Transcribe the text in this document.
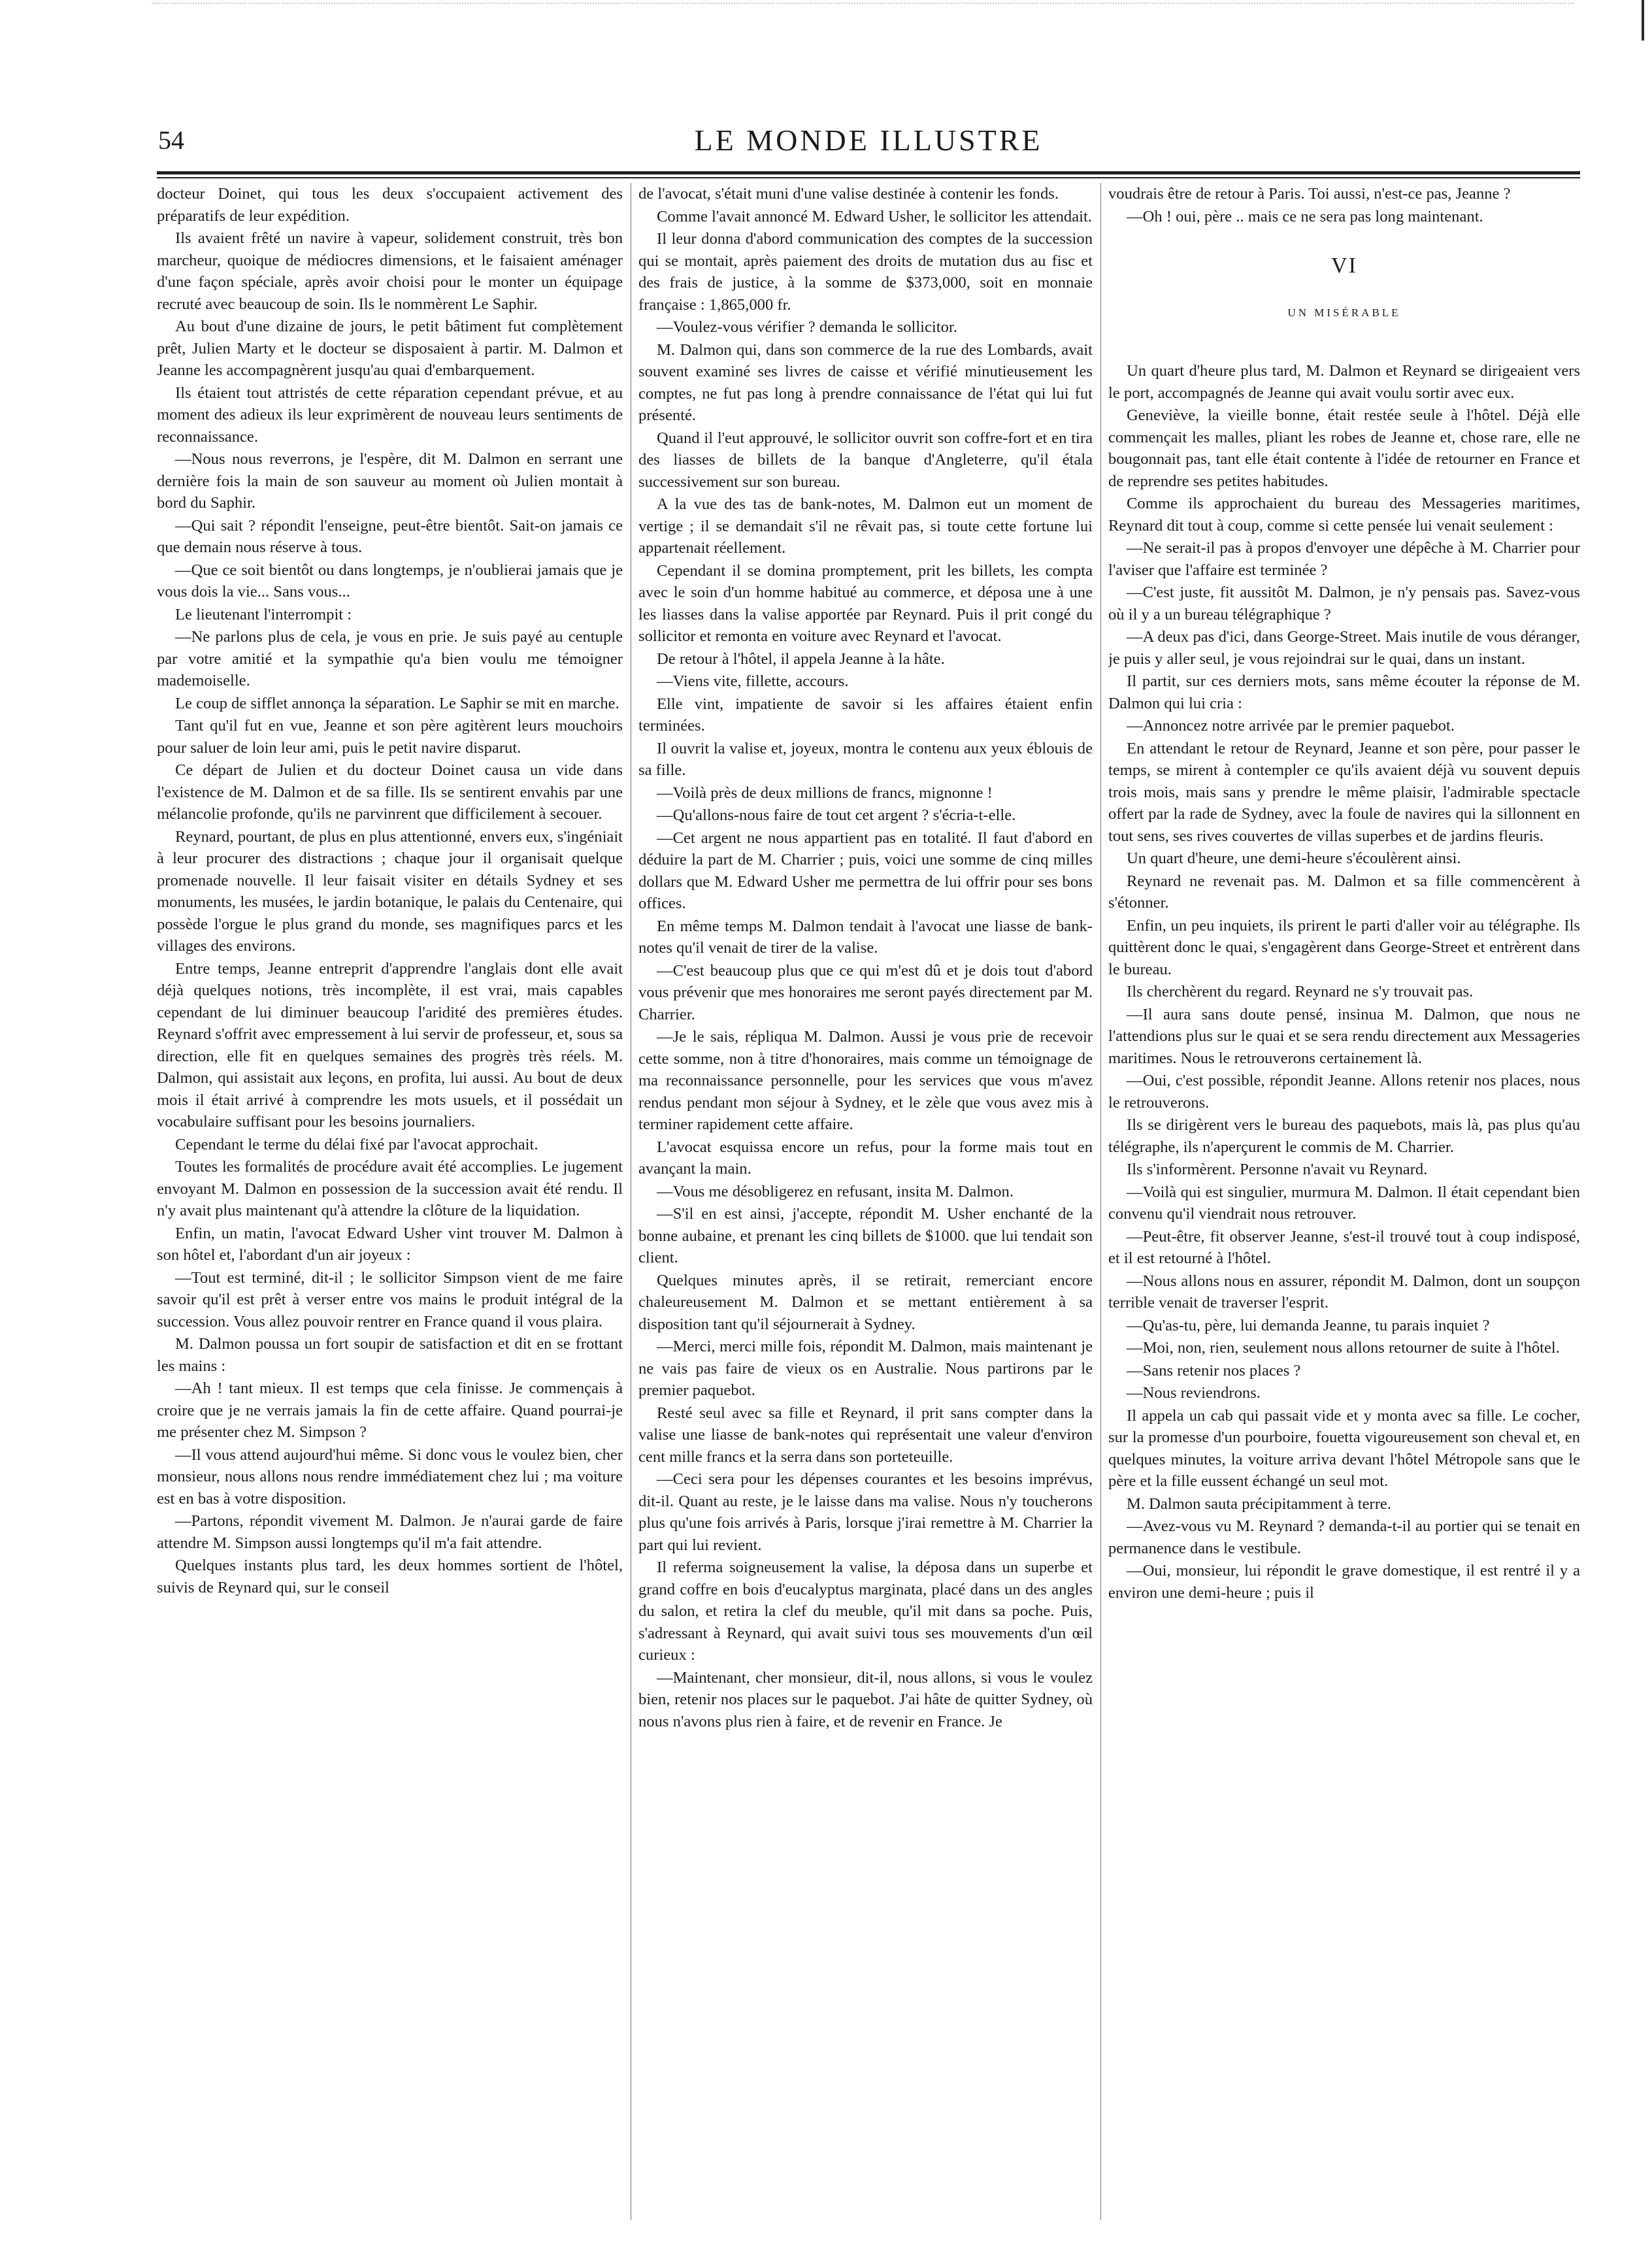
54	LE MONDE ILLUSTRE

docteur Doinet, qui tous les deux s'occupaient activement des préparatifs de leur expédition.

Ils avaient frêté un navire à vapeur, solidement construit, très bon marcheur, quoique de médiocres dimensions, et le faisaient aménager d'une façon spéciale, après avoir choisi pour le monter un équipage recruté avec beaucoup de soin. Ils le nommèrent Le Saphir.

Au bout d'une dizaine de jours, le petit bâtiment fut complètement prêt, Julien Marty et le docteur se disposaient à partir. M. Dalmon et Jeanne les accompagnèrent jusqu'au quai d'embarquement.

Ils étaient tout attristés de cette réparation cependant prévue, et au moment des adieux ils leur exprimèrent de nouveau leurs sentiments de reconnaissance.

—Nous nous reverrons, je l'espère, dit M. Dalmon en serrant une dernière fois la main de son sauveur au moment où Julien montait à bord du Saphir.

—Qui sait ? répondit l'enseigne, peut-être bientôt. Sait-on jamais ce que demain nous réserve à tous.

—Que ce soit bientôt ou dans longtemps, je n'oublierai jamais que je vous dois la vie... Sans vous...

Le lieutenant l'interrompit :

—Ne parlons plus de cela, je vous en prie. Je suis payé au centuple par votre amitié et la sympathie qu'a bien voulu me témoigner mademoiselle.

Le coup de sifflet annonça la séparation. Le Saphir se mit en marche.

Tant qu'il fut en vue, Jeanne et son père agitèrent leurs mouchoirs pour saluer de loin leur ami, puis le petit navire disparut.

Ce départ de Julien et du docteur Doinet causa un vide dans l'existence de M. Dalmon et de sa fille. Ils se sentirent envahis par une mélancolie profonde, qu'ils ne parvinrent que difficilement à secouer.

Reynard, pourtant, de plus en plus attentionné, envers eux, s'ingéniait à leur procurer des distractions ; chaque jour il organisait quelque promenade nouvelle. Il leur faisait visiter en détails Sydney et ses monuments, les musées, le jardin botanique, le palais du Centenaire, qui possède l'orgue le plus grand du monde, ses magnifiques parcs et les villages des environs.

Entre temps, Jeanne entreprit d'apprendre l'anglais dont elle avait déjà quelques notions, très incomplète, il est vrai, mais capables cependant de lui diminuer beaucoup l'aridité des premières études. Reynard s'offrit avec empressement à lui servir de professeur, et, sous sa direction, elle fit en quelques semaines des progrès très réels. M. Dalmon, qui assistait aux leçons, en profita, lui aussi. Au bout de deux mois il était arrivé à comprendre les mots usuels, et il possédait un vocabulaire suffisant pour les besoins journaliers.

Cependant le terme du délai fixé par l'avocat approchait.

Toutes les formalités de procédure avait été accomplies. Le jugement envoyant M. Dalmon en possession de la succession avait été rendu. Il n'y avait plus maintenant qu'à attendre la clôture de la liquidation.

Enfin, un matin, l'avocat Edward Usher vint trouver M. Dalmon à son hôtel et, l'abordant d'un air joyeux :

—Tout est terminé, dit-il ; le sollicitor Simpson vient de me faire savoir qu'il est prêt à verser entre vos mains le produit intégral de la succession. Vous allez pouvoir rentrer en France quand il vous plaira.

M. Dalmon poussa un fort soupir de satisfaction et dit en se frottant les mains :

—Ah ! tant mieux. Il est temps que cela finisse. Je commençais à croire que je ne verrais jamais la fin de cette affaire. Quand pourrai-je me présenter chez M. Simpson ?

—Il vous attend aujourd'hui même. Si donc vous le voulez bien, cher monsieur, nous allons nous rendre immédiatement chez lui ; ma voiture est en bas à votre disposition.

—Partons, répondit vivement M. Dalmon. Je n'aurai garde de faire attendre M. Simpson aussi longtemps qu'il m'a fait attendre.

Quelques instants plus tard, les deux hommes sortient de l'hôtel, suivis de Reynard qui, sur le conseil

de l'avocat, s'était muni d'une valise destinée à contenir les fonds.

Comme l'avait annoncé M. Edward Usher, le sollicitor les attendait.

Il leur donna d'abord communication des comptes de la succession qui se montait, après paiement des droits de mutation dus au fisc et des frais de justice, à la somme de $373,000, soit en monnaie française : 1,865,000 fr.

—Voulez-vous vérifier ? demanda le sollicitor.

M. Dalmon qui, dans son commerce de la rue des Lombards, avait souvent examiné ses livres de caisse et vérifié minutieusement les comptes, ne fut pas long à prendre connaissance de l'état qui lui fut présenté.

Quand il l'eut approuvé, le sollicitor ouvrit son coffre-fort et en tira des liasses de billets de la banque d'Angleterre, qu'il étala successivement sur son bureau.

A la vue des tas de bank-notes, M. Dalmon eut un moment de vertige ; il se demandait s'il ne rêvait pas, si toute cette fortune lui appartenait réellement.

Cependant il se domina promptement, prit les billets, les compta avec le soin d'un homme habitué au commerce, et déposa une à une les liasses dans la valise apportée par Reynard. Puis il prit congé du sollicitor et remonta en voiture avec Reynard et l'avocat.

De retour à l'hôtel, il appela Jeanne à la hâte.

—Viens vite, fillette, accours.

Elle vint, impatiente de savoir si les affaires étaient enfin terminées.

Il ouvrit la valise et, joyeux, montra le contenu aux yeux éblouis de sa fille.

—Voilà près de deux millions de francs, mignonne !

—Qu'allons-nous faire de tout cet argent ? s'écria-t-elle.

—Cet argent ne nous appartient pas en totalité. Il faut d'abord en déduire la part de M. Charrier ; puis, voici une somme de cinq milles dollars que M. Edward Usher me permettra de lui offrir pour ses bons offices.

En même temps M. Dalmon tendait à l'avocat une liasse de bank-notes qu'il venait de tirer de la valise.

—C'est beaucoup plus que ce qui m'est dû et je dois tout d'abord vous prévenir que mes honoraires me seront payés directement par M. Charrier.

—Je le sais, répliqua M. Dalmon. Aussi je vous prie de recevoir cette somme, non à titre d'honoraires, mais comme un témoignage de ma reconnaissance personnelle, pour les services que vous m'avez rendus pendant mon séjour à Sydney, et le zèle que vous avez mis à terminer rapidement cette affaire.

L'avocat esquissa encore un refus, pour la forme mais tout en avançant la main.

—Vous me désobligerez en refusant, insita M. Dalmon.

—S'il en est ainsi, j'accepte, répondit M. Usher enchanté de la bonne aubaine, et prenant les cinq billets de $1000. que lui tendait son client.

Quelques minutes après, il se retirait, remerciant encore chaleureusement M. Dalmon et se mettant entièrement à sa disposition tant qu'il séjournerait à Sydney.

—Merci, merci mille fois, répondit M. Dalmon, mais maintenant je ne vais pas faire de vieux os en Australie. Nous partirons par le premier paquebot.

Resté seul avec sa fille et Reynard, il prit sans compter dans la valise une liasse de bank-notes qui représentait une valeur d'environ cent mille francs et la serra dans son porteteuille.

—Ceci sera pour les dépenses courantes et les besoins imprévus, dit-il. Quant au reste, je le laisse dans ma valise. Nous n'y toucherons plus qu'une fois arrivés à Paris, lorsque j'irai remettre à M. Charrier la part qui lui revient.

Il referma soigneusement la valise, la déposa dans un superbe et grand coffre en bois d'eucalyptus marginata, placé dans un des angles du salon, et retira la clef du meuble, qu'il mit dans sa poche. Puis, s'adressant à Reynard, qui avait suivi tous ses mouvements d'un œil curieux :

—Maintenant, cher monsieur, dit-il, nous allons, si vous le voulez bien, retenir nos places sur le paquebot. J'ai hâte de quitter Sydney, où nous n'avons plus rien à faire, et de revenir en France. Je

voudrais être de retour à Paris. Toi aussi, n'est-ce pas, Jeanne ?

—Oh ! oui, père .. mais ce ne sera pas long maintenant.

VI
UN MISÉRABLE

Un quart d'heure plus tard, M. Dalmon et Reynard se dirigeaient vers le port, accompagnés de Jeanne qui avait voulu sortir avec eux.

Geneviève, la vieille bonne, était restée seule à l'hôtel. Déjà elle commençait les malles, pliant les robes de Jeanne et, chose rare, elle ne bougonnait pas, tant elle était contente à l'idée de retourner en France et de reprendre ses petites habitudes.

Comme ils approchaient du bureau des Messageries maritimes, Reynard dit tout à coup, comme si cette pensée lui venait seulement :

—Ne serait-il pas à propos d'envoyer une dépêche à M. Charrier pour l'aviser que l'affaire est terminée ?

—C'est juste, fit aussitôt M. Dalmon, je n'y pensais pas. Savez-vous où il y a un bureau télégraphique ?

—A deux pas d'ici, dans George-Street. Mais inutile de vous déranger, je puis y aller seul, je vous rejoindrai sur le quai, dans un instant.

Il partit, sur ces derniers mots, sans même écouter la réponse de M. Dalmon qui lui cria :

—Annoncez notre arrivée par le premier paquebot.

En attendant le retour de Reynard, Jeanne et son père, pour passer le temps, se mirent à contempler ce qu'ils avaient déjà vu souvent depuis trois mois, mais sans y prendre le même plaisir, l'admirable spectacle offert par la rade de Sydney, avec la foule de navires qui la sillonnent en tout sens, ses rives couvertes de villas superbes et de jardins fleuris.

Un quart d'heure, une demi-heure s'écoulèrent ainsi.

Reynard ne revenait pas. M. Dalmon et sa fille commencèrent à s'étonner.

Enfin, un peu inquiets, ils prirent le parti d'aller voir au télégraphe. Ils quittèrent donc le quai, s'engagèrent dans George-Street et entrèrent dans le bureau.

Ils cherchèrent du regard. Reynard ne s'y trouvait pas.

—Il aura sans doute pensé, insinua M. Dalmon, que nous ne l'attendions plus sur le quai et se sera rendu directement aux Messageries maritimes. Nous le retrouverons certainement là.

—Oui, c'est possible, répondit Jeanne. Allons retenir nos places, nous le retrouverons.

Ils se dirigèrent vers le bureau des paquebots, mais là, pas plus qu'au télégraphe, ils n'aperçurent le commis de M. Charrier.

Ils s'informèrent. Personne n'avait vu Reynard.

—Voilà qui est singulier, murmura M. Dalmon. Il était cependant bien convenu qu'il viendrait nous retrouver.

—Peut-être, fit observer Jeanne, s'est-il trouvé tout à coup indisposé, et il est retourné à l'hôtel.

—Nous allons nous en assurer, répondit M. Dalmon, dont un soupçon terrible venait de traverser l'esprit.

—Qu'as-tu, père, lui demanda Jeanne, tu parais inquiet ?

—Moi, non, rien, seulement nous allons retourner de suite à l'hôtel.

—Sans retenir nos places ?

—Nous reviendrons.

Il appela un cab qui passait vide et y monta avec sa fille. Le cocher, sur la promesse d'un pourboire, fouetta vigoureusement son cheval et, en quelques minutes, la voiture arriva devant l'hôtel Métropole sans que le père et la fille eussent échangé un seul mot.

M. Dalmon sauta précipitamment à terre.

—Avez-vous vu M. Reynard ? demanda-t-il au portier qui se tenait en permanence dans le vestibule.

—Oui, monsieur, lui répondit le grave domestique, il est rentré il y a environ une demi-heure ; puis il
